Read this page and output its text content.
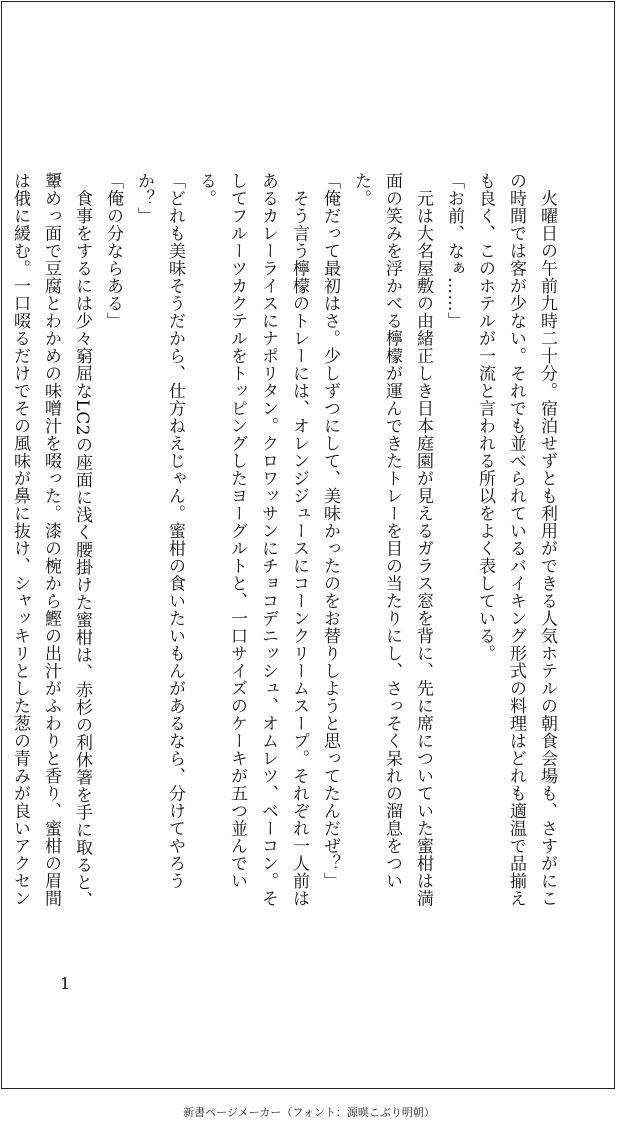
　火曜日の午前九時二十分。宿泊せずとも利用ができる人気ホテルの朝食会場も、さすがにこの時間では客が少ない。それでも並べられているバイキング形式の料理はどれも適温で品揃えも良く、このホテルが一流と言われる所以をよく表している。

「お前、なぁ……」

　元は大名屋敷の由緒正しき日本庭園が見えるガラス窓を背に、先に席についていた蜜柑は満面の笑みを浮かべる檸檬が運んできたトレーを目の当たりにし、さっそく呆れの溜息をついた。

「俺だって最初はさ。少しずつにして、美味かったのをお替りしようと思ってたんだぜ？」

　そう言う檸檬のトレーには、オレンジジュースにコーンクリームスープ。それぞれ一人前はあるカレーライスにナポリタン。クロワッサンにチョコデニッシュ、オムレツ、ベーコン。そしてフルーツカクテルをトッピングしたヨーグルトと、一口サイズのケーキが五つ並んでいる。

「どれも美味そうだから、仕方ねえじゃん。蜜柑の食いたいもんがあるなら、分けてやろうか？」

「俺の分ならある」

　食事をするには少々窮屈なLC2の座面に浅く腰掛けた蜜柑は、赤杉の利休箸を手に取ると、顰めっ面で豆腐とわかめの味噌汁を啜った。漆の椀から鰹の出汁がふわりと香り、蜜柑の眉間は俄に緩む。一口啜るだけでその風味が鼻に抜け、シャッキリとした葱の青みが良いアクセン

1
新書ページメーカー（フォント：源暎こぶり明朝）
